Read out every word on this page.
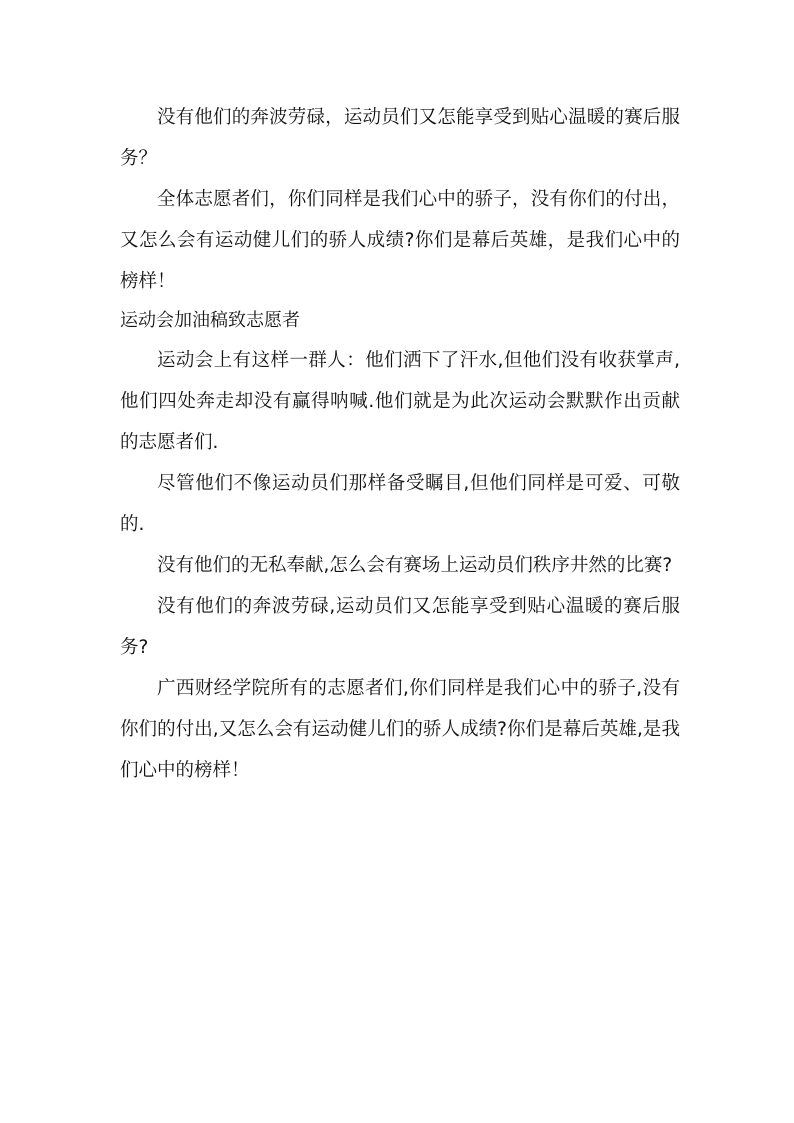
没有他们的奔波劳碌，运动员们又怎能享受到贴心温暖的赛后服务？

全体志愿者们，你们同样是我们心中的骄子，没有你们的付出，又怎么会有运动健儿们的骄人成绩?你们是幕后英雄，是我们心中的榜样！

运动会加油稿致志愿者

运动会上有这样一群人：他们洒下了汗水,但他们没有收获掌声,他们四处奔走却没有赢得呐喊.他们就是为此次运动会默默作出贡献的志愿者们.

尽管他们不像运动员们那样备受瞩目,但他们同样是可爱、可敬的.

没有他们的无私奉献,怎么会有赛场上运动员们秩序井然的比赛?

没有他们的奔波劳碌,运动员们又怎能享受到贴心温暖的赛后服务?

广西财经学院所有的志愿者们,你们同样是我们心中的骄子,没有你们的付出,又怎么会有运动健儿们的骄人成绩?你们是幕后英雄,是我们心中的榜样！
